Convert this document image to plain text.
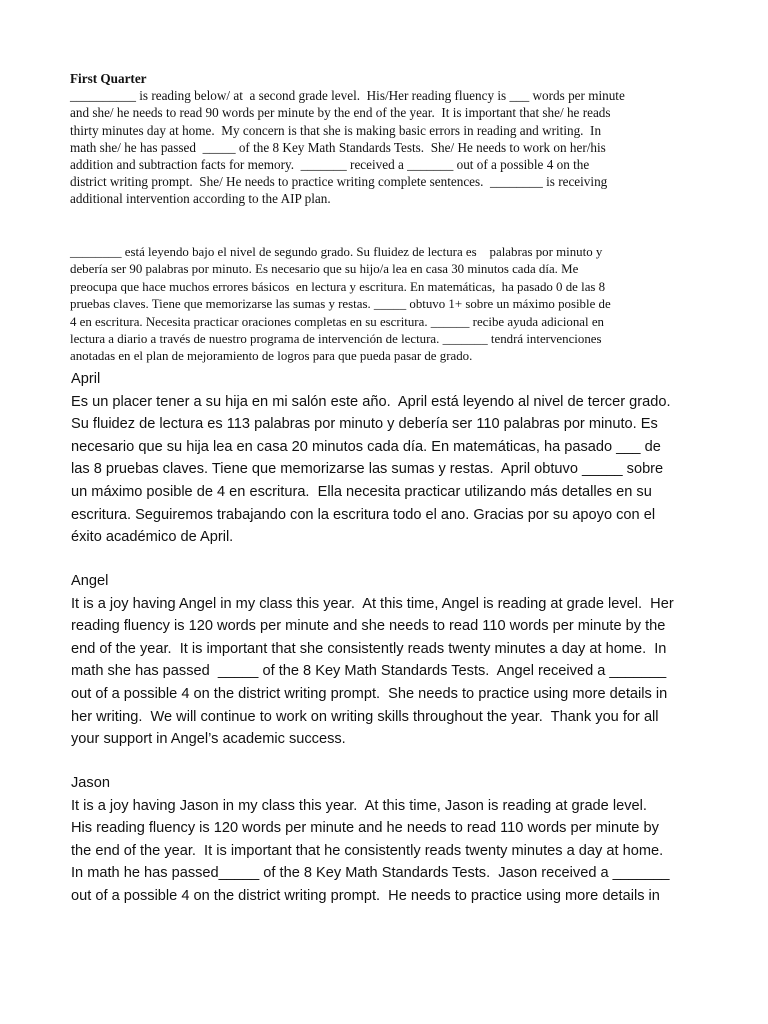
First Quarter
__________ is reading below/ at  a second grade level.  His/Her reading fluency is ___ words per minute
and she/ he needs to read 90 words per minute by the end of the year.  It is important that she/ he reads
thirty minutes day at home.  My concern is that she is making basic errors in reading and writing.  In
math she/ he has passed  _____ of the 8 Key Math Standards Tests.  She/ He needs to work on her/his
addition and subtraction facts for memory.  _______ received a _______ out of a possible 4 on the
district writing prompt.  She/ He needs to practice writing complete sentences.  ________ is receiving
additional intervention according to the AIP plan.
________ está leyendo bajo el nivel de segundo grado. Su fluidez de lectura es    palabras por minuto y
debería ser 90 palabras por minuto. Es necesario que su hijo/a lea en casa 30 minutos cada día. Me
preocupa que hace muchos errores básicos  en lectura y escritura. En matemáticas,  ha pasado 0 de las 8
pruebas claves. Tiene que memorizarse las sumas y restas. _____ obtuvo 1+ sobre un máximo posible de
4 en escritura. Necesita practicar oraciones completas en su escritura. ______ recibe ayuda adicional en
lectura a diario a través de nuestro programa de intervención de lectura. _______ tendrá intervenciones
anotadas en el plan de mejoramiento de logros para que pueda pasar de grado.
April
Es un placer tener a su hija en mi salón este año.  April está leyendo al nivel de tercer grado.
Su fluidez de lectura es 113 palabras por minuto y debería ser 110 palabras por minuto. Es
necesario que su hija lea en casa 20 minutos cada día. En matemáticas, ha pasado ___ de
las 8 pruebas claves. Tiene que memorizarse las sumas y restas.  April obtuvo _____ sobre
un máximo posible de 4 en escritura.  Ella necesita practicar utilizando más detalles en su
escritura. Seguiremos trabajando con la escritura todo el ano. Gracias por su apoyo con el
éxito académico de April.
Angel
It is a joy having Angel in my class this year.  At this time, Angel is reading at grade level.  Her
reading fluency is 120 words per minute and she needs to read 110 words per minute by the
end of the year.  It is important that she consistently reads twenty minutes a day at home.  In
math she has passed  _____ of the 8 Key Math Standards Tests.  Angel received a _______
out of a possible 4 on the district writing prompt.  She needs to practice using more details in
her writing.  We will continue to work on writing skills throughout the year.  Thank you for all
your support in Angel’s academic success.
Jason
It is a joy having Jason in my class this year.  At this time, Jason is reading at grade level.
His reading fluency is 120 words per minute and he needs to read 110 words per minute by
the end of the year.  It is important that he consistently reads twenty minutes a day at home.
In math he has passed_____ of the 8 Key Math Standards Tests.  Jason received a _______
out of a possible 4 on the district writing prompt.  He needs to practice using more details in
